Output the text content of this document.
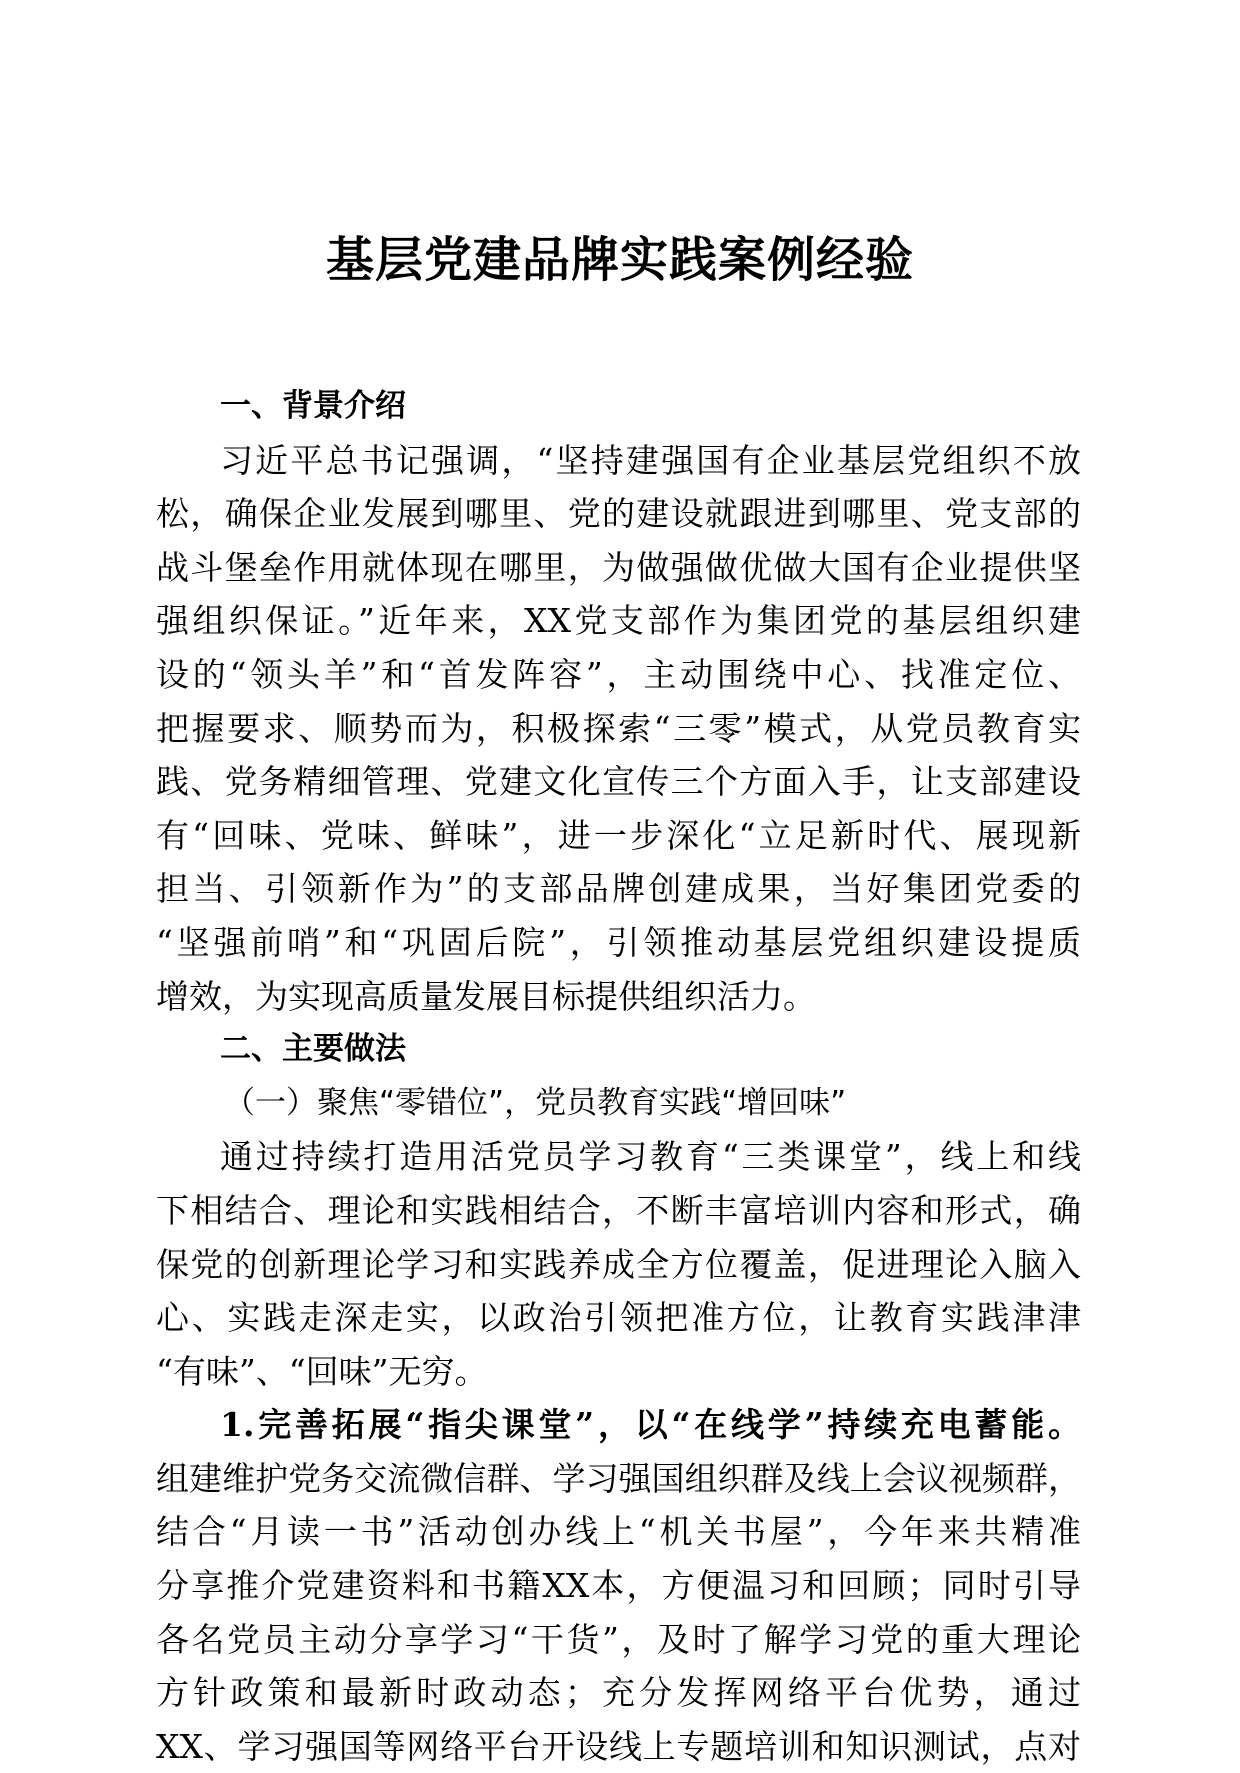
基层党建品牌实践案例经验
一、背景介绍
习近平总书记强调，“坚持建强国有企业基层党组织不放
松，确保企业发展到哪里、党的建设就跟进到哪里、党支部的
战斗堡垒作用就体现在哪里，为做强做优做大国有企业提供坚
强组织保证。”近年来，XX党支部作为集团党的基层组织建
设的“领头羊”和“首发阵容”，主动围绕中心、找准定位、
把握要求、顺势而为，积极探索“三零”模式，从党员教育实
践、党务精细管理、党建文化宣传三个方面入手，让支部建设
有“回味、党味、鲜味”，进一步深化“立足新时代、展现新
担当、引领新作为”的支部品牌创建成果，当好集团党委的
“坚强前哨”和“巩固后院”，引领推动基层党组织建设提质
增效，为实现高质量发展目标提供组织活力。
二、主要做法
（一）聚焦“零错位”，党员教育实践“增回味”
通过持续打造用活党员学习教育“三类课堂”，线上和线
下相结合、理论和实践相结合，不断丰富培训内容和形式，确
保党的创新理论学习和实践养成全方位覆盖，促进理论入脑入
心、实践走深走实，以政治引领把准方位，让教育实践津津
“有味”、“回味”无穷。
1.完善拓展“指尖课堂”，以“在线学”持续充电蓄能。
组建维护党务交流微信群、学习强国组织群及线上会议视频群，
结合“月读一书”活动创办线上“机关书屋”，今年来共精准
分享推介党建资料和书籍XX本，方便温习和回顾；同时引导
各名党员主动分享学习“干货”，及时了解学习党的重大理论
方针政策和最新时政动态；充分发挥网络平台优势，通过
XX、学习强国等网络平台开设线上专题培训和知识测试，点对
